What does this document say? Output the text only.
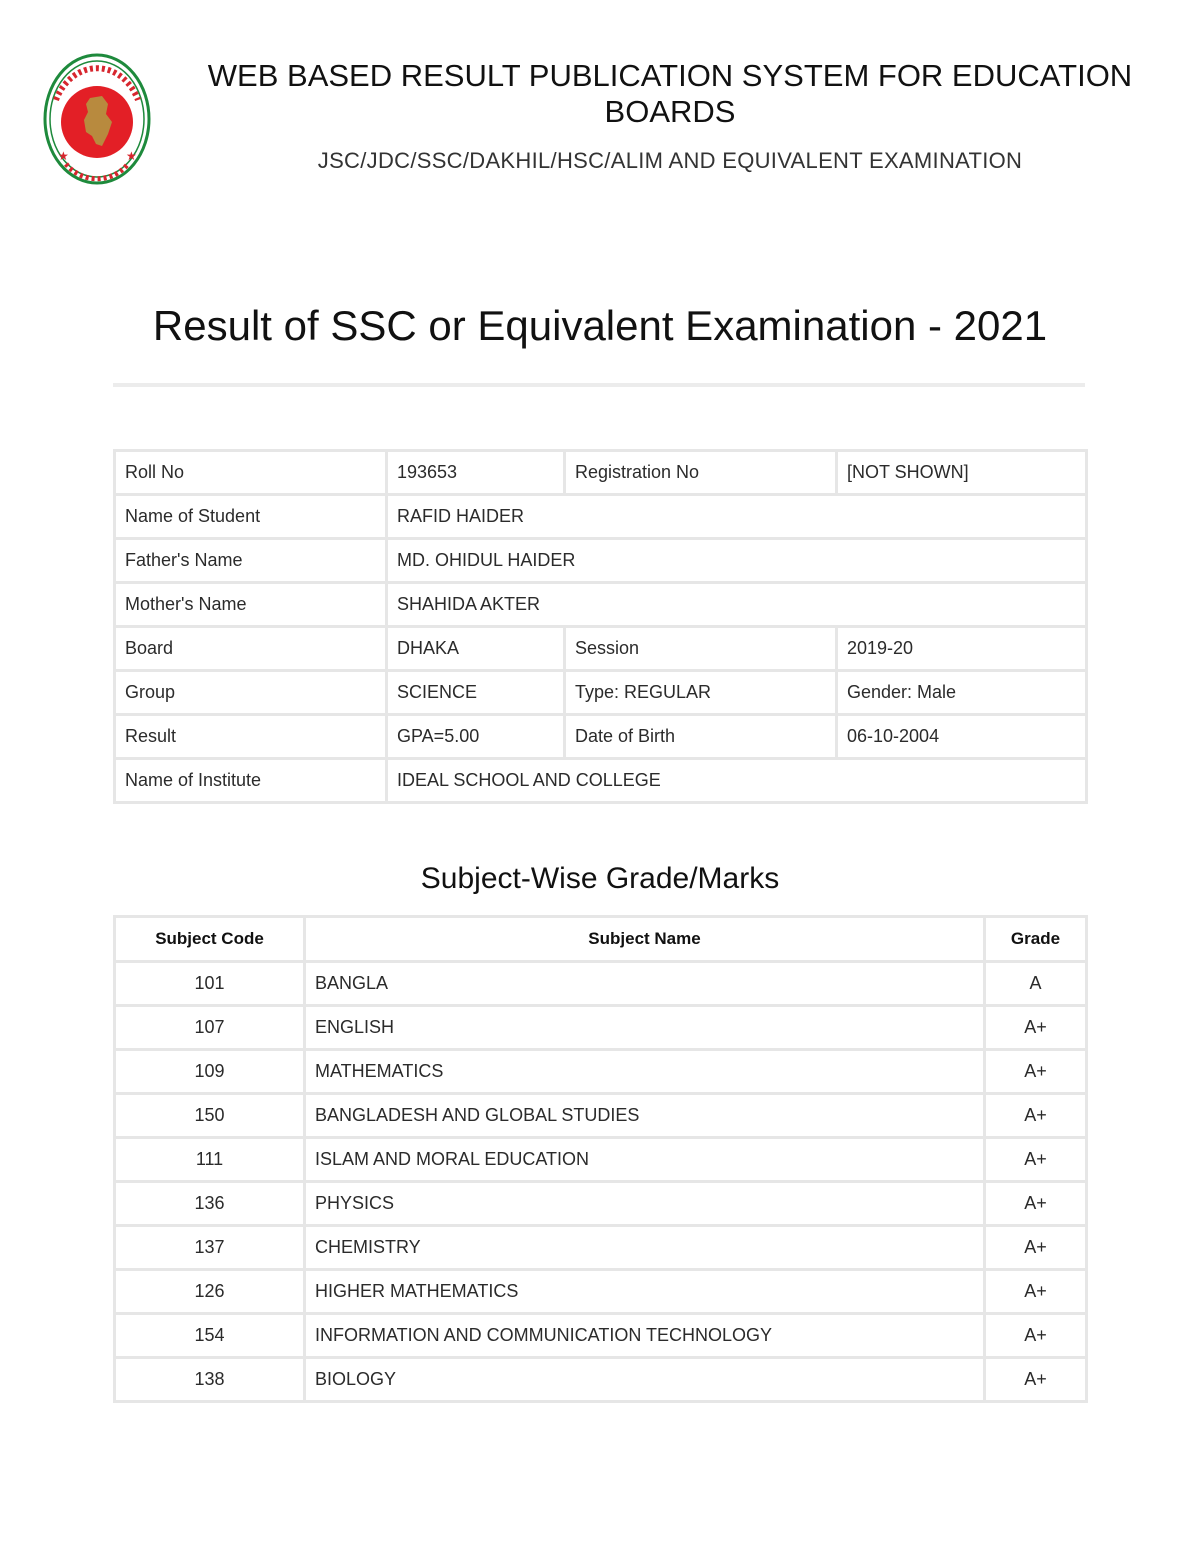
★	★
WEB BASED RESULT PUBLICATION SYSTEM FOR EDUCATION BOARDS
JSC/JDC/SSC/DAKHIL/HSC/ALIM AND EQUIVALENT EXAMINATION
Result of SSC or Equivalent Examination - 2021
Roll No	193653	Registration No	[NOT SHOWN]
Name of Student	RAFID HAIDER		
Father's Name	MD. OHIDUL HAIDER		
Mother's Name	SHAHIDA AKTER		
Board	DHAKA	Session	2019-20
Group	SCIENCE	Type: REGULAR	Gender: Male
Result	GPA=5.00	Date of Birth	06-10-2004
Name of Institute	IDEAL SCHOOL AND COLLEGE		
Subject-Wise Grade/Marks
Subject Code	Subject Name	Grade
101	BANGLA	A
107	ENGLISH	A+
109	MATHEMATICS	A+
150	BANGLADESH AND GLOBAL STUDIES	A+
111	ISLAM AND MORAL EDUCATION	A+
136	PHYSICS	A+
137	CHEMISTRY	A+
126	HIGHER MATHEMATICS	A+
154	INFORMATION AND COMMUNICATION TECHNOLOGY	A+
138	BIOLOGY	A+
